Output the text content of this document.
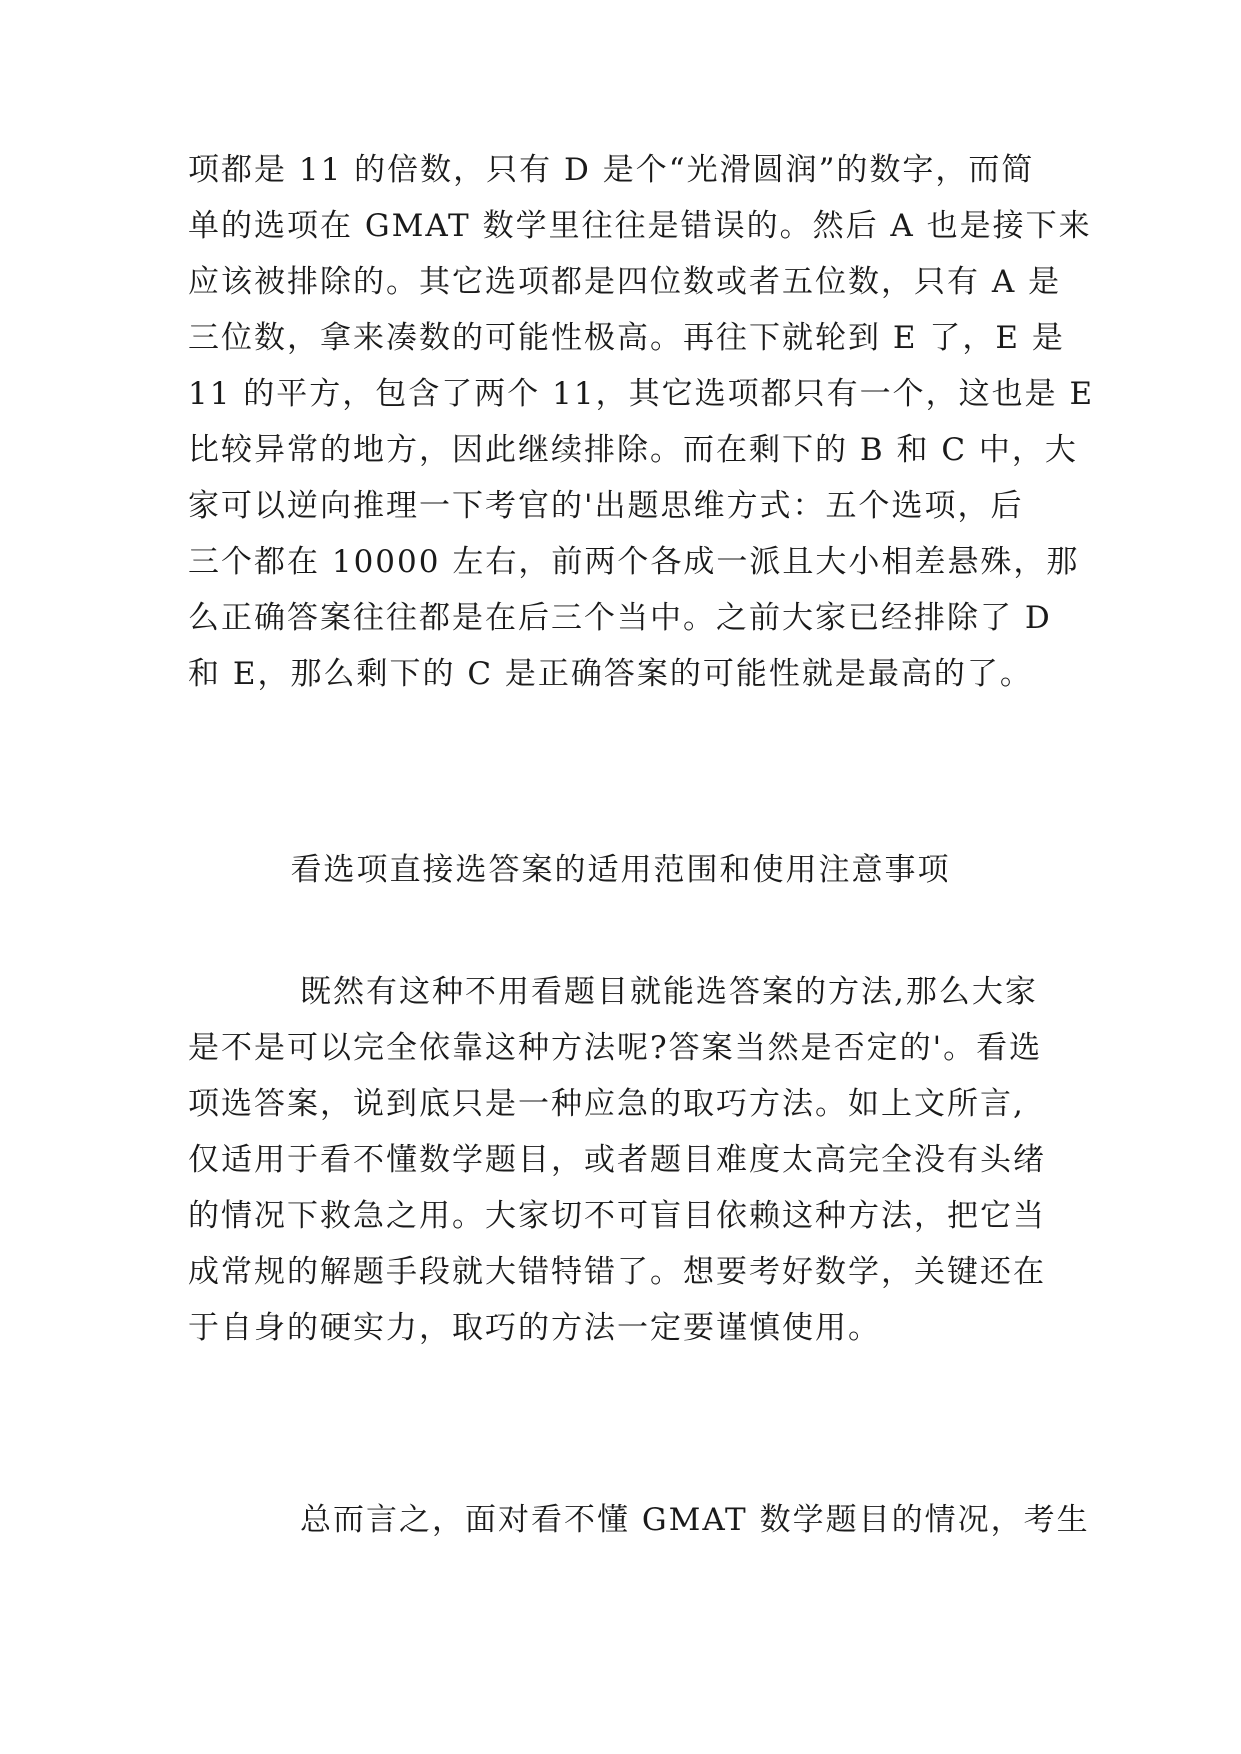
项都是 11 的倍数，只有 D 是个“光滑圆润”的数字，而简
单的选项在 GMAT 数学里往往是错误的。然后 A 也是接下来
应该被排除的。其它选项都是四位数或者五位数，只有 A 是
三位数，拿来凑数的可能性极高。再往下就轮到 E 了，E 是
11 的平方，包含了两个 11，其它选项都只有一个，这也是 E
比较异常的地方，因此继续排除。而在剩下的 B 和 C 中，大
家可以逆向推理一下考官的'出题思维方式：五个选项，后
三个都在 10000 左右，前两个各成一派且大小相差悬殊，那
么正确答案往往都是在后三个当中。之前大家已经排除了 D
和 E，那么剩下的 C 是正确答案的可能性就是最高的了。
看选项直接选答案的适用范围和使用注意事项
既然有这种不用看题目就能选答案的方法,那么大家
是不是可以完全依靠这种方法呢?答案当然是否定的'。看选
项选答案，说到底只是一种应急的取巧方法。如上文所言,
仅适用于看不懂数学题目，或者题目难度太高完全没有头绪
的情况下救急之用。大家切不可盲目依赖这种方法，把它当
成常规的解题手段就大错特错了。想要考好数学，关键还在
于自身的硬实力，取巧的方法一定要谨慎使用。
总而言之，面对看不懂 GMAT 数学题目的情况，考生
